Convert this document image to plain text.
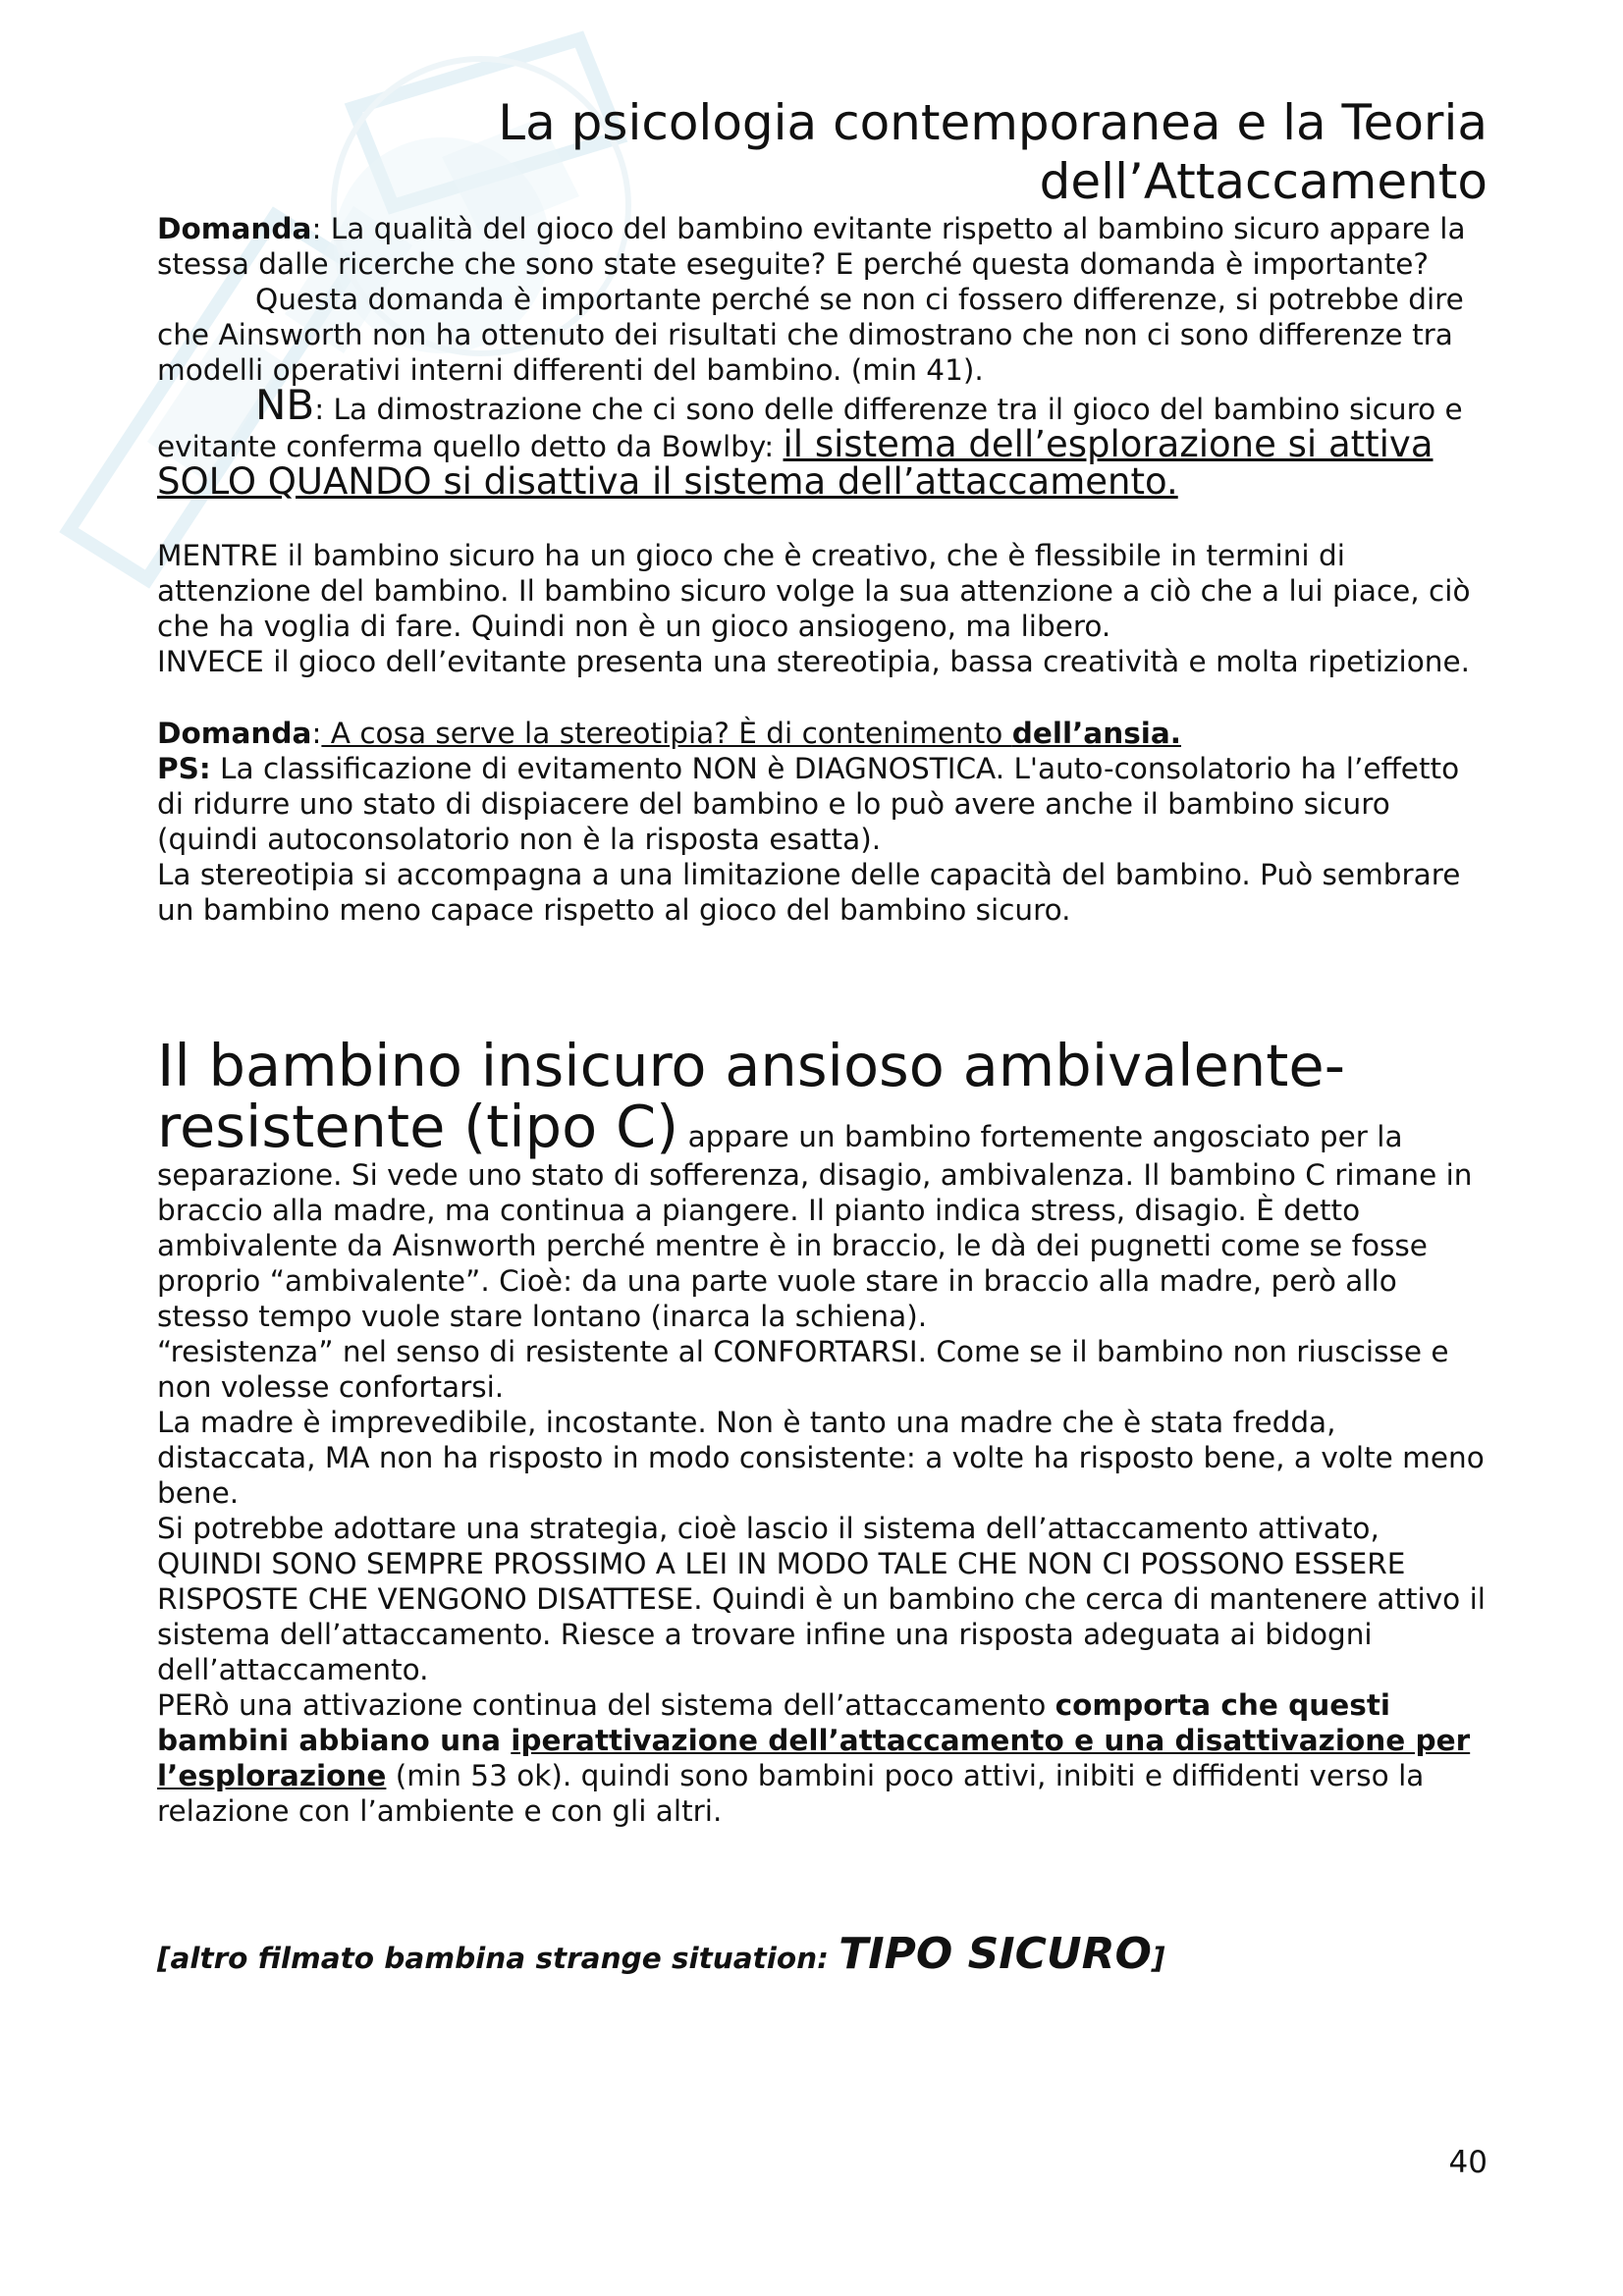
La psicologia contemporanea e la Teoria
dell’Attaccamento

Domanda: La qualità del gioco del bambino evitante rispetto al bambino sicuro appare la stessa dalle ricerche che sono state eseguite? E perché questa domanda è importante?

Questa domanda è importante perché se non ci fossero differenze, si potrebbe dire che Ainsworth non ha ottenuto dei risultati che dimostrano che non ci sono differenze tra modelli operativi interni differenti del bambino. (min 41).

NB: La dimostrazione che ci sono delle differenze tra il gioco del bambino sicuro e evitante conferma quello detto da Bowlby: il sistema dell’esplorazione si attiva SOLO QUANDO si disattiva il sistema dell’attaccamento.

MENTRE il bambino sicuro ha un gioco che è creativo, che è flessibile in termini di attenzione del bambino. Il bambino sicuro volge la sua attenzione a ciò che a lui piace, ciò che ha voglia di fare. Quindi non è un gioco ansiogeno, ma libero.

INVECE il gioco dell’evitante presenta una stereotipia, bassa creatività e molta ripetizione.

Domanda: A cosa serve la stereotipia? È di contenimento dell’ansia.

PS: La classificazione di evitamento NON è DIAGNOSTICA. L'auto-consolatorio ha l’effetto di ridurre uno stato di dispiacere del bambino e lo può avere anche il bambino sicuro (quindi autoconsolatorio non è la risposta esatta).

La stereotipia si accompagna a una limitazione delle capacità del bambino. Può sembrare un bambino meno capace rispetto al gioco del bambino sicuro.

Il bambino insicuro ansioso ambivalente-

resistente (tipo C) appare un bambino fortemente angosciato per la separazione. Si vede uno stato di sofferenza, disagio, ambivalenza. Il bambino C rimane in braccio alla madre, ma continua a piangere. Il pianto indica stress, disagio. È detto ambivalente da Aisnworth perché mentre è in braccio, le dà dei pugnetti come se fosse proprio “ambivalente”. Cioè: da una parte vuole stare in braccio alla madre, però allo stesso tempo vuole stare lontano (inarca la schiena).

“resistenza” nel senso di resistente al CONFORTARSI. Come se il bambino non riuscisse e non volesse confortarsi.

La madre è imprevedibile, incostante. Non è tanto una madre che è stata fredda, distaccata, MA non ha risposto in modo consistente: a volte ha risposto bene, a volte meno bene.

Si potrebbe adottare una strategia, cioè lascio il sistema dell’attaccamento attivato, QUINDI SONO SEMPRE PROSSIMO A LEI IN MODO TALE CHE NON CI POSSONO ESSERE RISPOSTE CHE VENGONO DISATTESE. Quindi è un bambino che cerca di mantenere attivo il sistema dell’attaccamento. Riesce a trovare infine una risposta adeguata ai bidogni dell’attaccamento.

PERò una attivazione continua del sistema dell’attaccamento comporta che questi bambini abbiano una iperattivazione dell’attaccamento e una disattivazione per l’esplorazione (min 53 ok). quindi sono bambini poco attivi, inibiti e diffidenti verso la relazione con l’ambiente e con gli altri.

[altro filmato bambina strange situation: TIPO SICURO]

40
